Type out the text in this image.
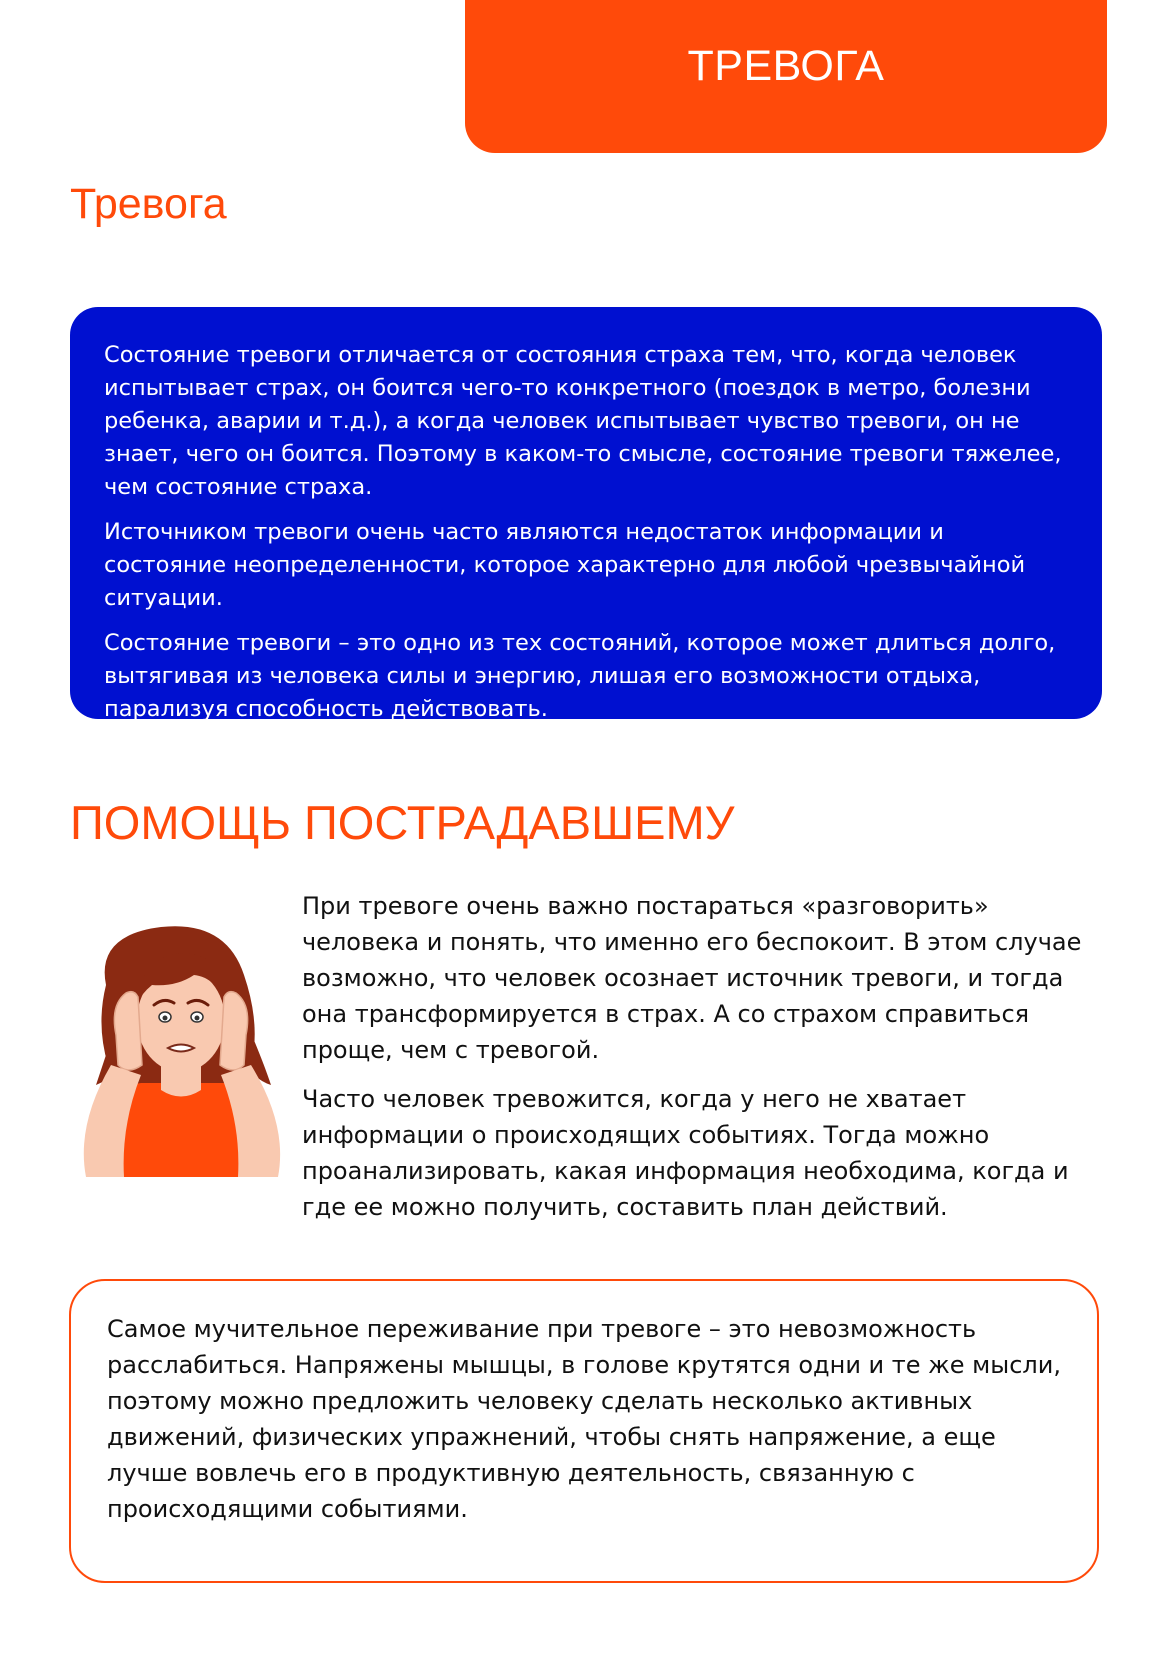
ТРЕВОГА
Тревога

Состояние тревоги отличается от состояния страха тем, что, когда человек испытывает страх, он боится чего-то конкретного (поездок в метро, болезни ребенка, аварии и т.д.), а когда человек испытывает чувство тревоги, он не знает, чего он боится. Поэтому в каком-то смысле, состояние тревоги тяжелее, чем состояние страха.

Источником тревоги очень часто являются недостаток информации и состояние неопределенности, которое характерно для любой чрезвычайной ситуации.

Состояние тревоги – это одно из тех состояний, которое может длиться долго, вытягивая из человека силы и энергию, лишая его возможности отдыха, парализуя способность действовать.

ПОМОЩЬ ПОСТРАДАВШЕМУ

При тревоге очень важно постараться «разговорить» человека и понять, что именно его беспокоит. В этом случае возможно, что человек осознает источник тревоги, и тогда она трансформируется в страх. А со страхом справиться проще, чем с тревогой.

Часто человек тревожится, когда у него не хватает информации о происходящих событиях. Тогда можно проанализировать, какая информация необходима, когда и где ее можно получить, составить план действий.

Самое мучительное переживание при тревоге – это невозможность расслабиться. Напряжены мышцы, в голове крутятся одни и те же мысли, поэтому можно предложить человеку сделать несколько активных движений, физических упражнений, чтобы снять напряжение, а еще лучше вовлечь его в продуктивную деятельность, связанную с происходящими событиями.
